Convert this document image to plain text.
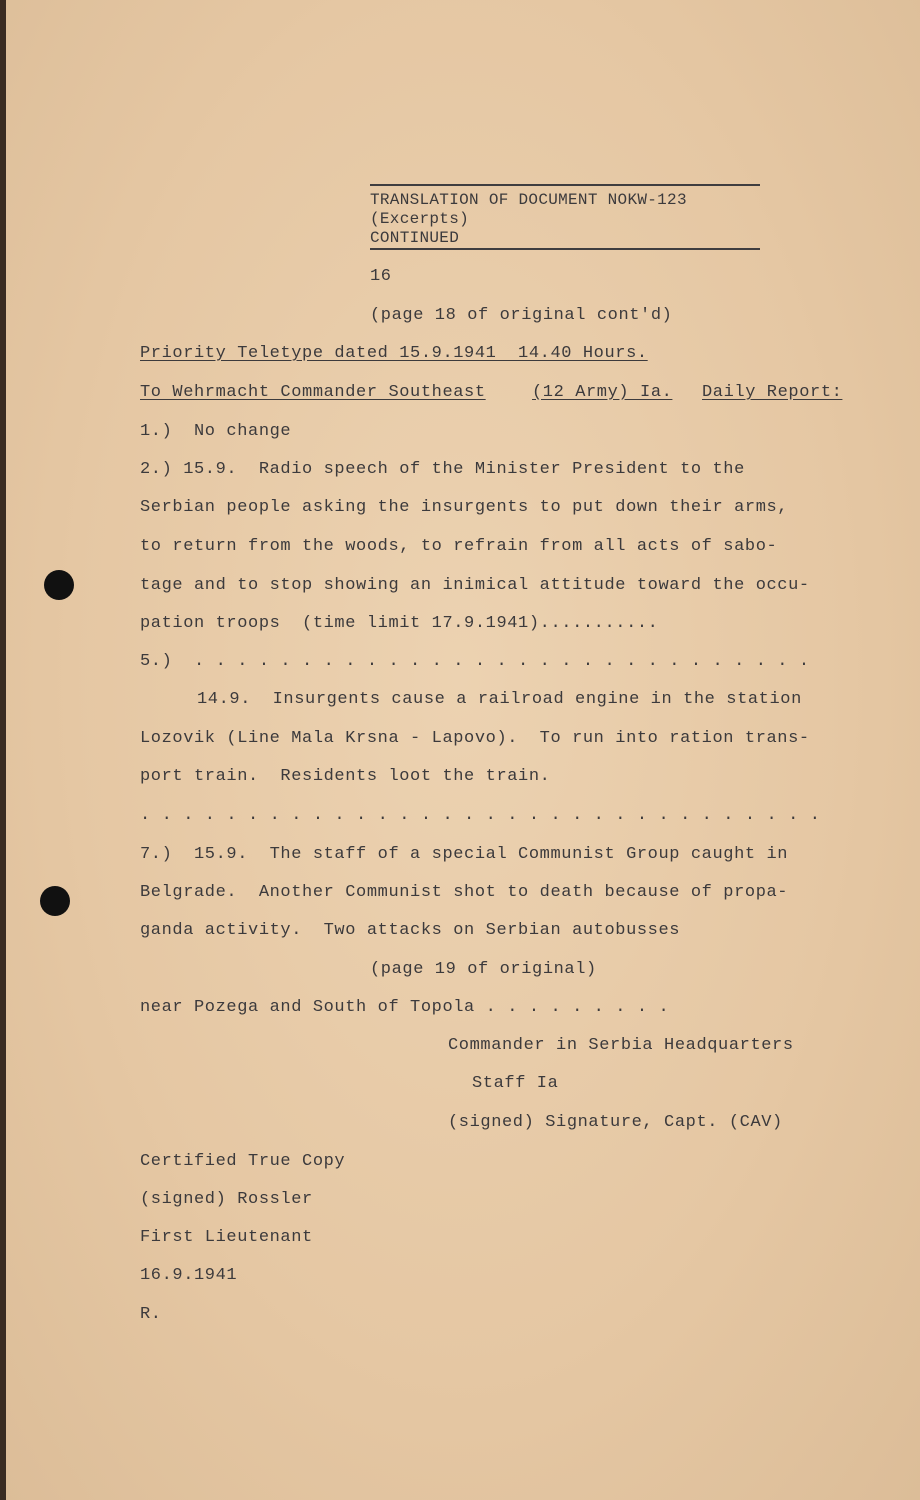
TRANSLATION OF DOCUMENT NOKW-123
(Excerpts)
CONTINUED
16
(page 18 of original cont'd)
Priority Teletype dated 15.9.1941  14.40 Hours.
To Wehrmacht Commander Southeast	(12 Army) Ia. Daily Report:
1.)  No change
2.) 15.9.  Radio speech of the Minister President to the
Serbian people asking the insurgents to put down their arms,
to return from the woods, to refrain from all acts of sabo-
tage and to stop showing an inimical attitude toward the occu-
pation troops  (time limit 17.9.1941)...........
5.)  . . . . . . . . . . . . . . . . . . . . . . . . . . . . .
14.9.  Insurgents cause a railroad engine in the station
Lozovik (Line Mala Krsna - Lapovo).  To run into ration trans-
port train.  Residents loot the train.
. . . . . . . . . . . . . . . . . . . . . . . . . . . . . . . .
7.)  15.9.  The staff of a special Communist Group caught in
Belgrade.  Another Communist shot to death because of propa-
ganda activity.  Two attacks on Serbian autobusses
(page 19 of original)
near Pozega and South of Topola . . . . . . . . .
Commander in Serbia Headquarters
Staff Ia
(signed) Signature, Capt. (CAV)
Certified True Copy
(signed) Rossler
First Lieutenant
16.9.1941
R.
